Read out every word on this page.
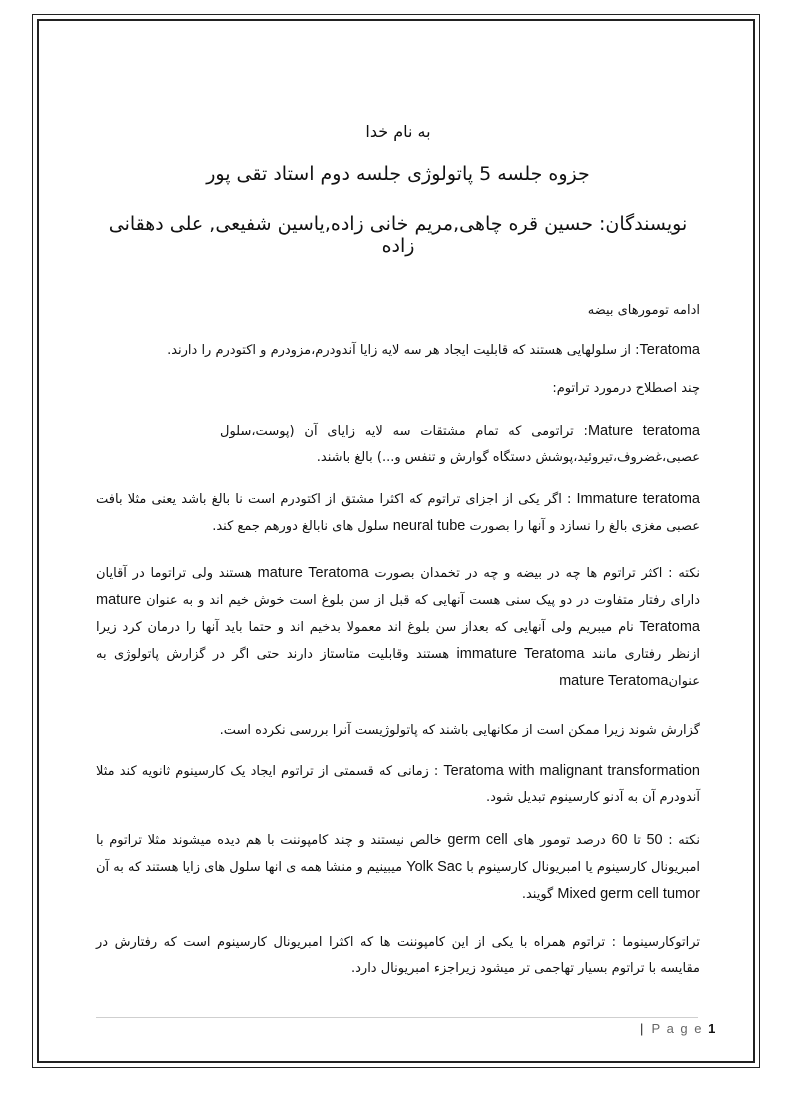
به نام خدا
جزوه جلسه 5 پاتولوژی جلسه دوم استاد تقی پور
نویسندگان: حسین قره چاهی,مریم خانی زاده,یاسین شفیعی, علی دهقانی زاده
ادامه تومورهای بیضه
Teratoma: از سلولهایی هستند که قابلیت ایجاد هر سه لایه زایا آندودرم،مزودرم و اکتودرم را دارند.
چند اصطلاح درمورد تراتوم:
Mature teratoma: تراتومی که تمام مشتقات سه لایه زایای آن (پوست،سلول عصبی،غضروف،تیروئید،پوشش دستگاه گوارش و تنفس و...) بالغ باشند.
Immature teratoma : اگر یکی از اجزای تراتوم که اکثرا مشتق از اکتودرم است نا بالغ باشد یعنی مثلا بافت عصبی مغزی بالغ را نسازد و آنها را بصورت neural tube سلول های نابالغ دورهم جمع کند.
نکته : اکثر تراتوم ها چه در بیضه و چه در تخمدان بصورت mature Teratoma هستند ولی تراتوما در آقایان دارای رفتار متفاوت در دو پیک سنی هست آنهایی که قبل از سن بلوغ است خوش خیم اند و به عنوان mature Teratoma نام میبریم ولی آنهایی که بعداز سن بلوغ اند معمولا بدخیم اند و حتما باید آنها را درمان کرد زیرا ازنظر رفتاری مانند immature Teratoma هستند وقابلیت متاستاز دارند حتی اگر در گزارش پاتولوژی به عنوانmature Teratoma
گزارش شوند زیرا ممکن است از مکانهایی باشند که پاتولوژیست آنرا بررسی نکرده است.
Teratoma with malignant transformation : زمانی که قسمتی از تراتوم ایجاد یک کارسینوم ثانویه کند مثلا آندودرم آن به آدنو کارسینوم تبدیل شود.
نکته : 50 تا 60 درصد تومور های germ cell خالص نیستند و چند کامپوننت با هم دیده میشوند مثلا تراتوم با امبریونال کارسینوم یا امبریونال کارسینوم با Yolk Sac میبینیم و منشا همه ی انها سلول های زایا هستند که به آن Mixed germ cell tumor گویند.
تراتوکارسینوما : تراتوم همراه با یکی از این کامپوننت ها که اکثرا امبریونال کارسینوم است که رفتارش در مقایسه با تراتوم بسیار تهاجمی تر میشود زیراجزء امبریونال دارد.
| P a g e 1
